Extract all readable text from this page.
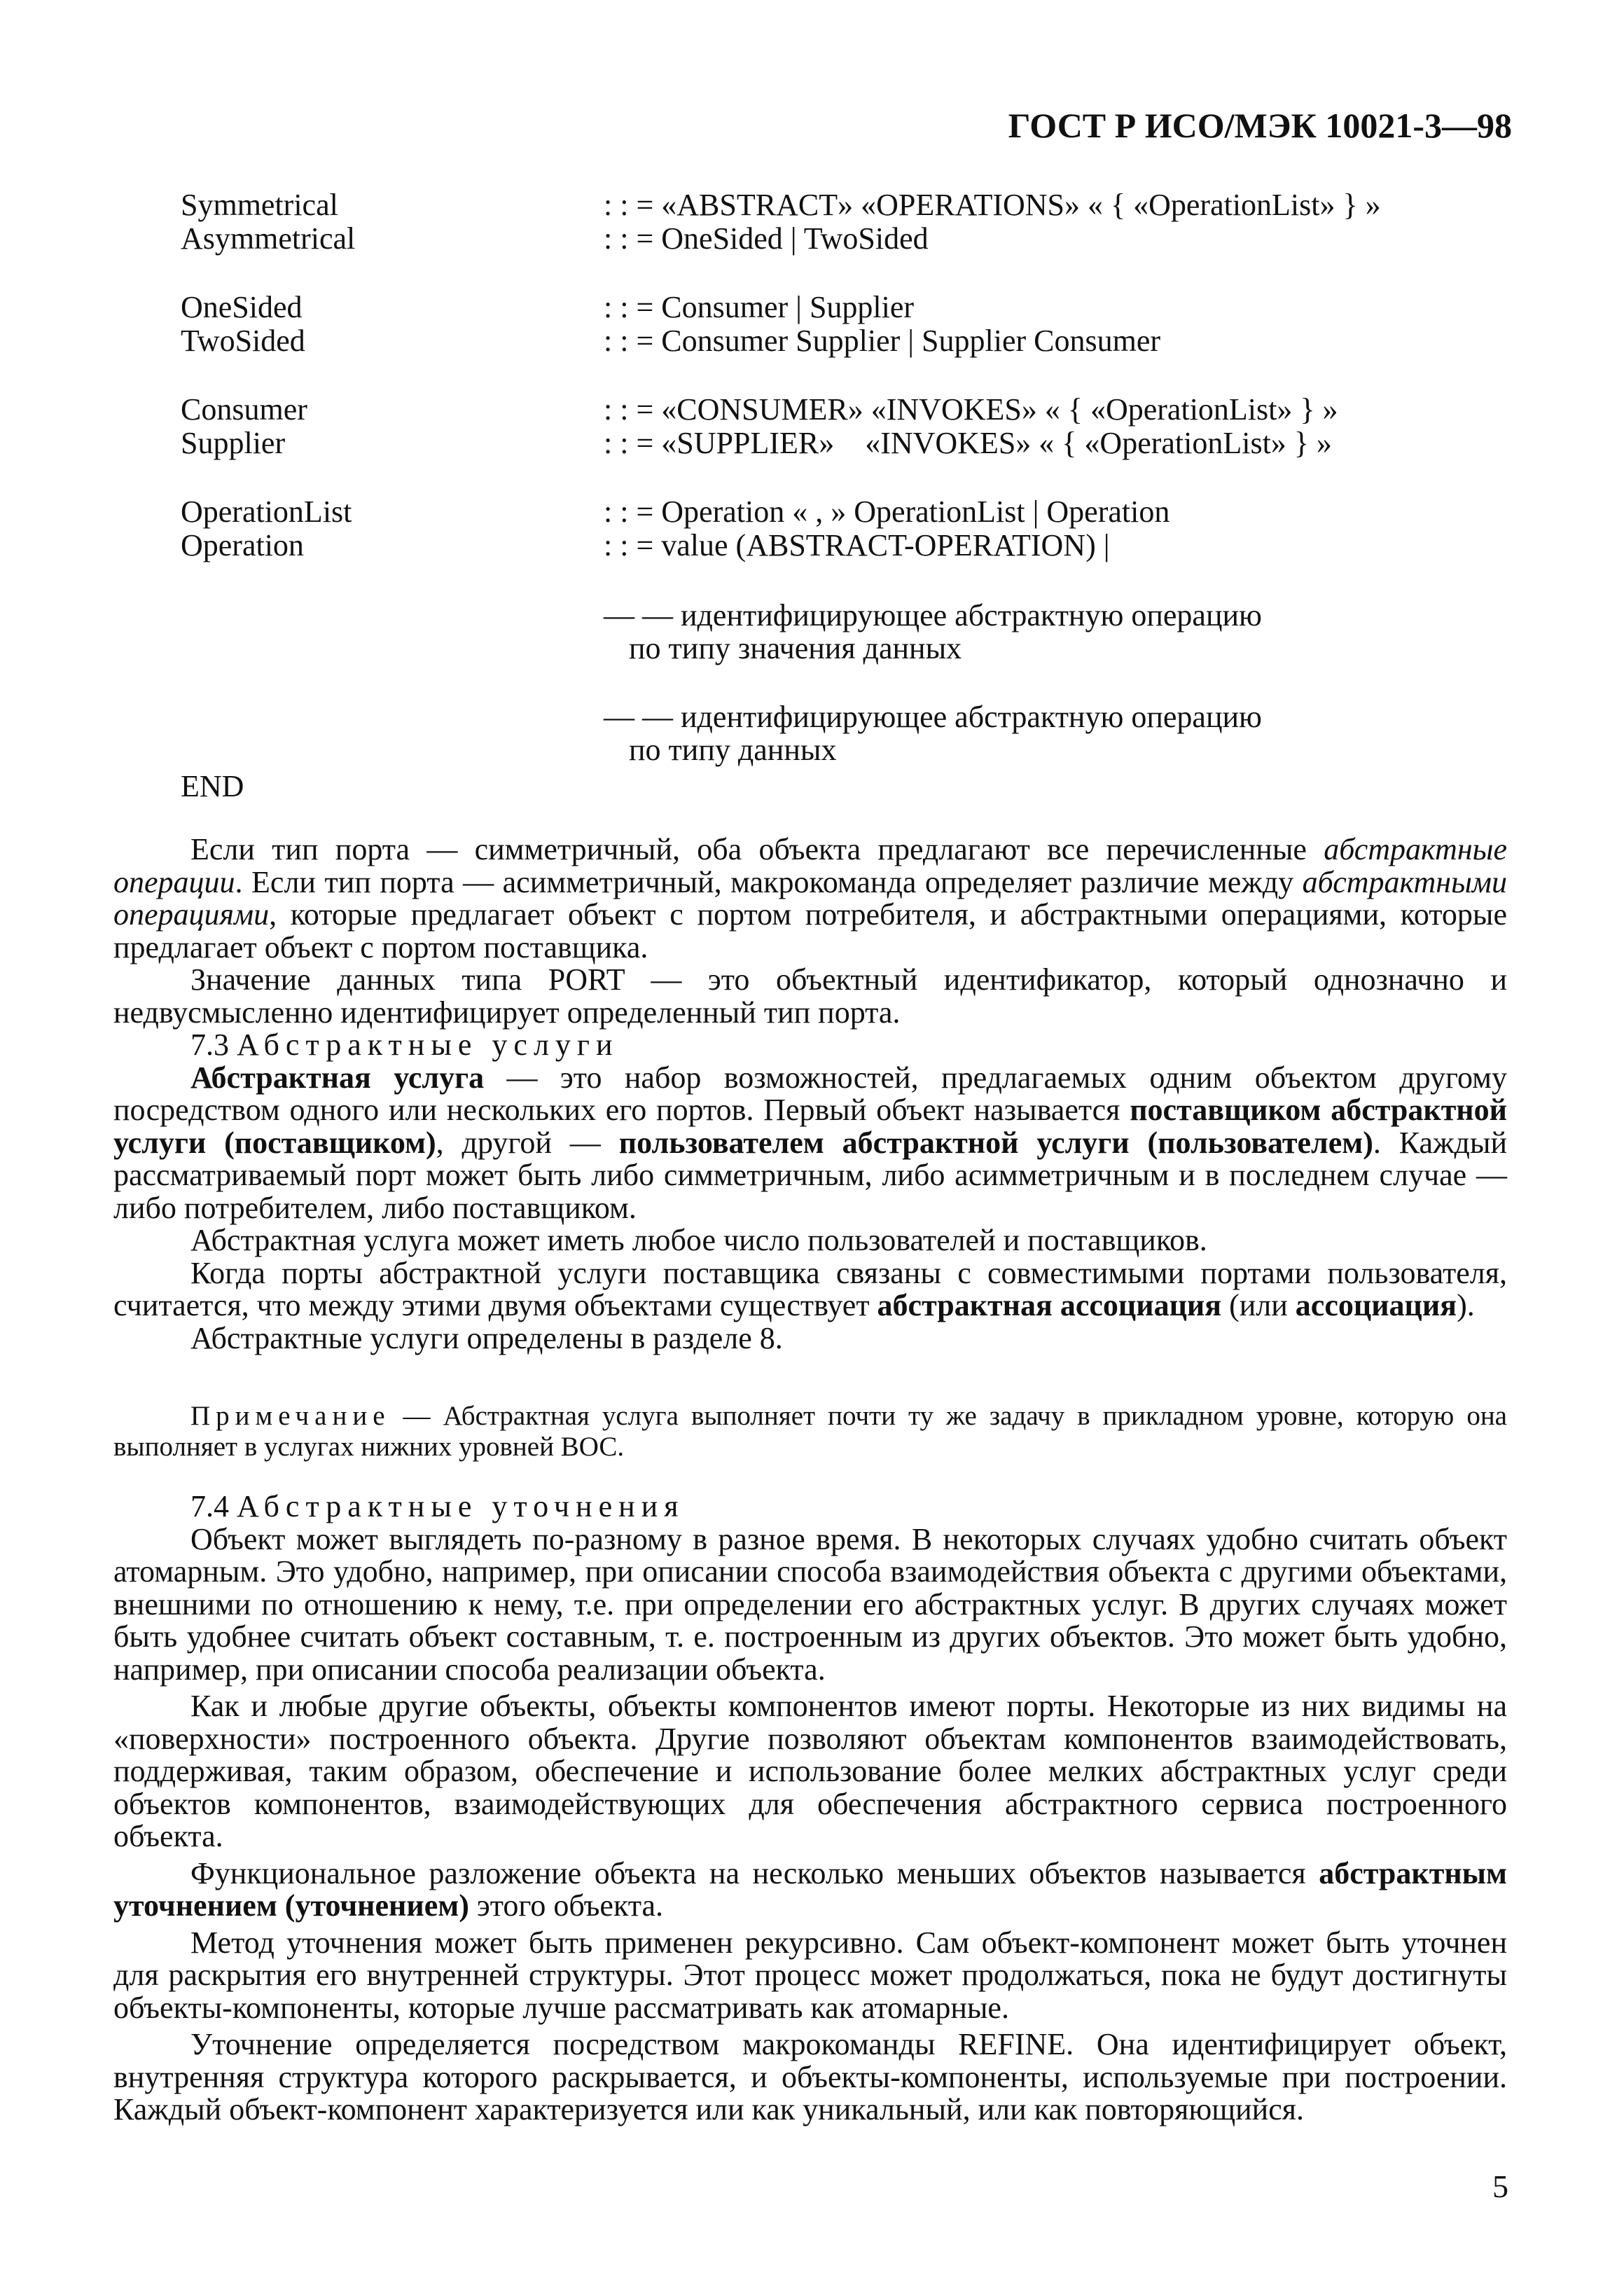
ГОСТ Р ИСО/МЭК 10021-3—98
Symmetrical	: : = «ABSTRACT» «OPERATIONS» « { «OperationList» } »
Asymmetrical	: : = OneSided | TwoSided
OneSided	: : = Consumer | Supplier
TwoSided	: : = Consumer Supplier | Supplier Consumer
Consumer	: : = «CONSUMER» «INVOKES» « { «OperationList» } »
Supplier	: : = «SUPPLIER»    «INVOKES» « { «OperationList» } »
OperationList	: : = Operation « , » OperationList | Operation
Operation	: : = value (ABSTRACT-OPERATION) |
— — идентифицирующее абстрактную операцию
по типу значения данных
— — идентифицирующее абстрактную операцию
по типу данных
END

Если тип порта — симметричный, оба объекта предлагают все перечисленные абстрактные операции. Если тип порта — асимметричный, макрокоманда определяет различие между абстрактными операциями, которые предлагает объект с портом потребителя, и абстрактными операциями, которые предлагает объект с портом поставщика.

Значение данных типа PORT — это объектный идентификатор, который однозначно и недвусмысленно идентифицирует определенный тип порта.

7.3 Абстрактные услуги

Абстрактная услуга — это набор возможностей, предлагаемых одним объектом другому посредством одного или нескольких его портов. Первый объект называется поставщиком абстрактной услуги (поставщиком), другой — пользователем абстрактной услуги (пользователем). Каждый рассматриваемый порт может быть либо симметричным, либо асимметричным и в последнем случае — либо потребителем, либо поставщиком.

Абстрактная услуга может иметь любое число пользователей и поставщиков.

Когда порты абстрактной услуги поставщика связаны с совместимыми портами пользователя, считается, что между этими двумя объектами существует абстрактная ассоциация (или ассоциация).

Абстрактные услуги определены в разделе 8.

Примечание — Абстрактная услуга выполняет почти ту же задачу в прикладном уровне, которую она выполняет в услугах нижних уровней ВОС.

7.4 Абстрактные уточнения

Объект может выглядеть по-разному в разное время. В некоторых случаях удобно считать объект атомарным. Это удобно, например, при описании способа взаимодействия объекта с другими объектами, внешними по отношению к нему, т.е. при определении его абстрактных услуг. В других случаях может быть удобнее считать объект составным, т. е. построенным из других объектов. Это может быть удобно, например, при описании способа реализации объекта.

Как и любые другие объекты, объекты компонентов имеют порты. Некоторые из них видимы на «поверхности» построенного объекта. Другие позволяют объектам компонентов взаимодействовать, поддерживая, таким образом, обеспечение и использование более мелких абстрактных услуг среди объектов компонентов, взаимодействующих для обеспечения абстрактного сервиса построенного объекта.

Функциональное разложение объекта на несколько меньших объектов называется абстрактным уточнением (уточнением) этого объекта.

Метод уточнения может быть применен рекурсивно. Сам объект-компонент может быть уточнен для раскрытия его внутренней структуры. Этот процесс может продолжаться, пока не будут достигнуты объекты-компоненты, которые лучше рассматривать как атомарные.

Уточнение определяется посредством макрокоманды REFINE. Она идентифицирует объект, внутренняя структура которого раскрывается, и объекты-компоненты, используемые при построении. Каждый объект-компонент характеризуется или как уникальный, или как повторяющийся.

5
